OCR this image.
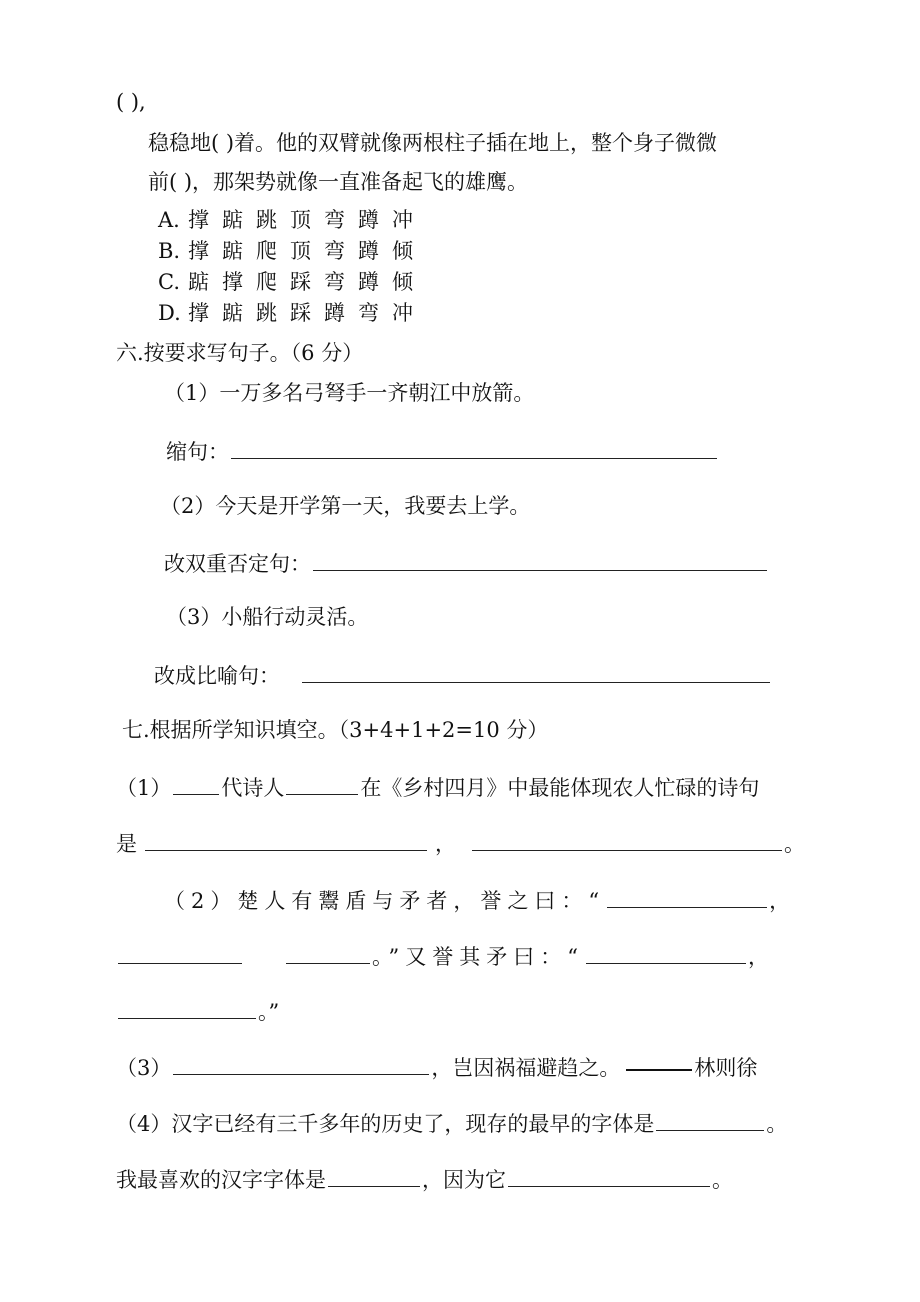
( ),
稳稳地( )着。他的双臂就像两根柱子插在地上，整个身子微微
前( )，那架势就像一直准备起飞的雄鹰。
A. 撑 踮 跳 顶 弯 蹲 冲
B. 撑 踮 爬 顶 弯 蹲 倾
C. 踮 撑 爬 踩 弯 蹲 倾
D. 撑 踮 跳 踩 蹲 弯 冲
六.按要求写句子。（6 分）
（1）一万多名弓弩手一齐朝江中放箭。
缩句：
（2）今天是开学第一天，我要去上学。
改双重否定句：
（3）小船行动灵活。
改成比喻句：
七.根据所学知识填空。（3+4+1+2=10 分）
（1） 代诗人	在《乡村四月》中最能体现农人忙碌的诗句
是	，	。
（2）楚人有鬻盾与矛者，誉之曰：“	，
。”又誉其矛曰：“	，
。”
（3）	，岂因祸福避趋之。	林则徐
（4）汉字已经有三千多年的历史了，现存的最早的字体是	。
我最喜欢的汉字字体是	，因为它	。
